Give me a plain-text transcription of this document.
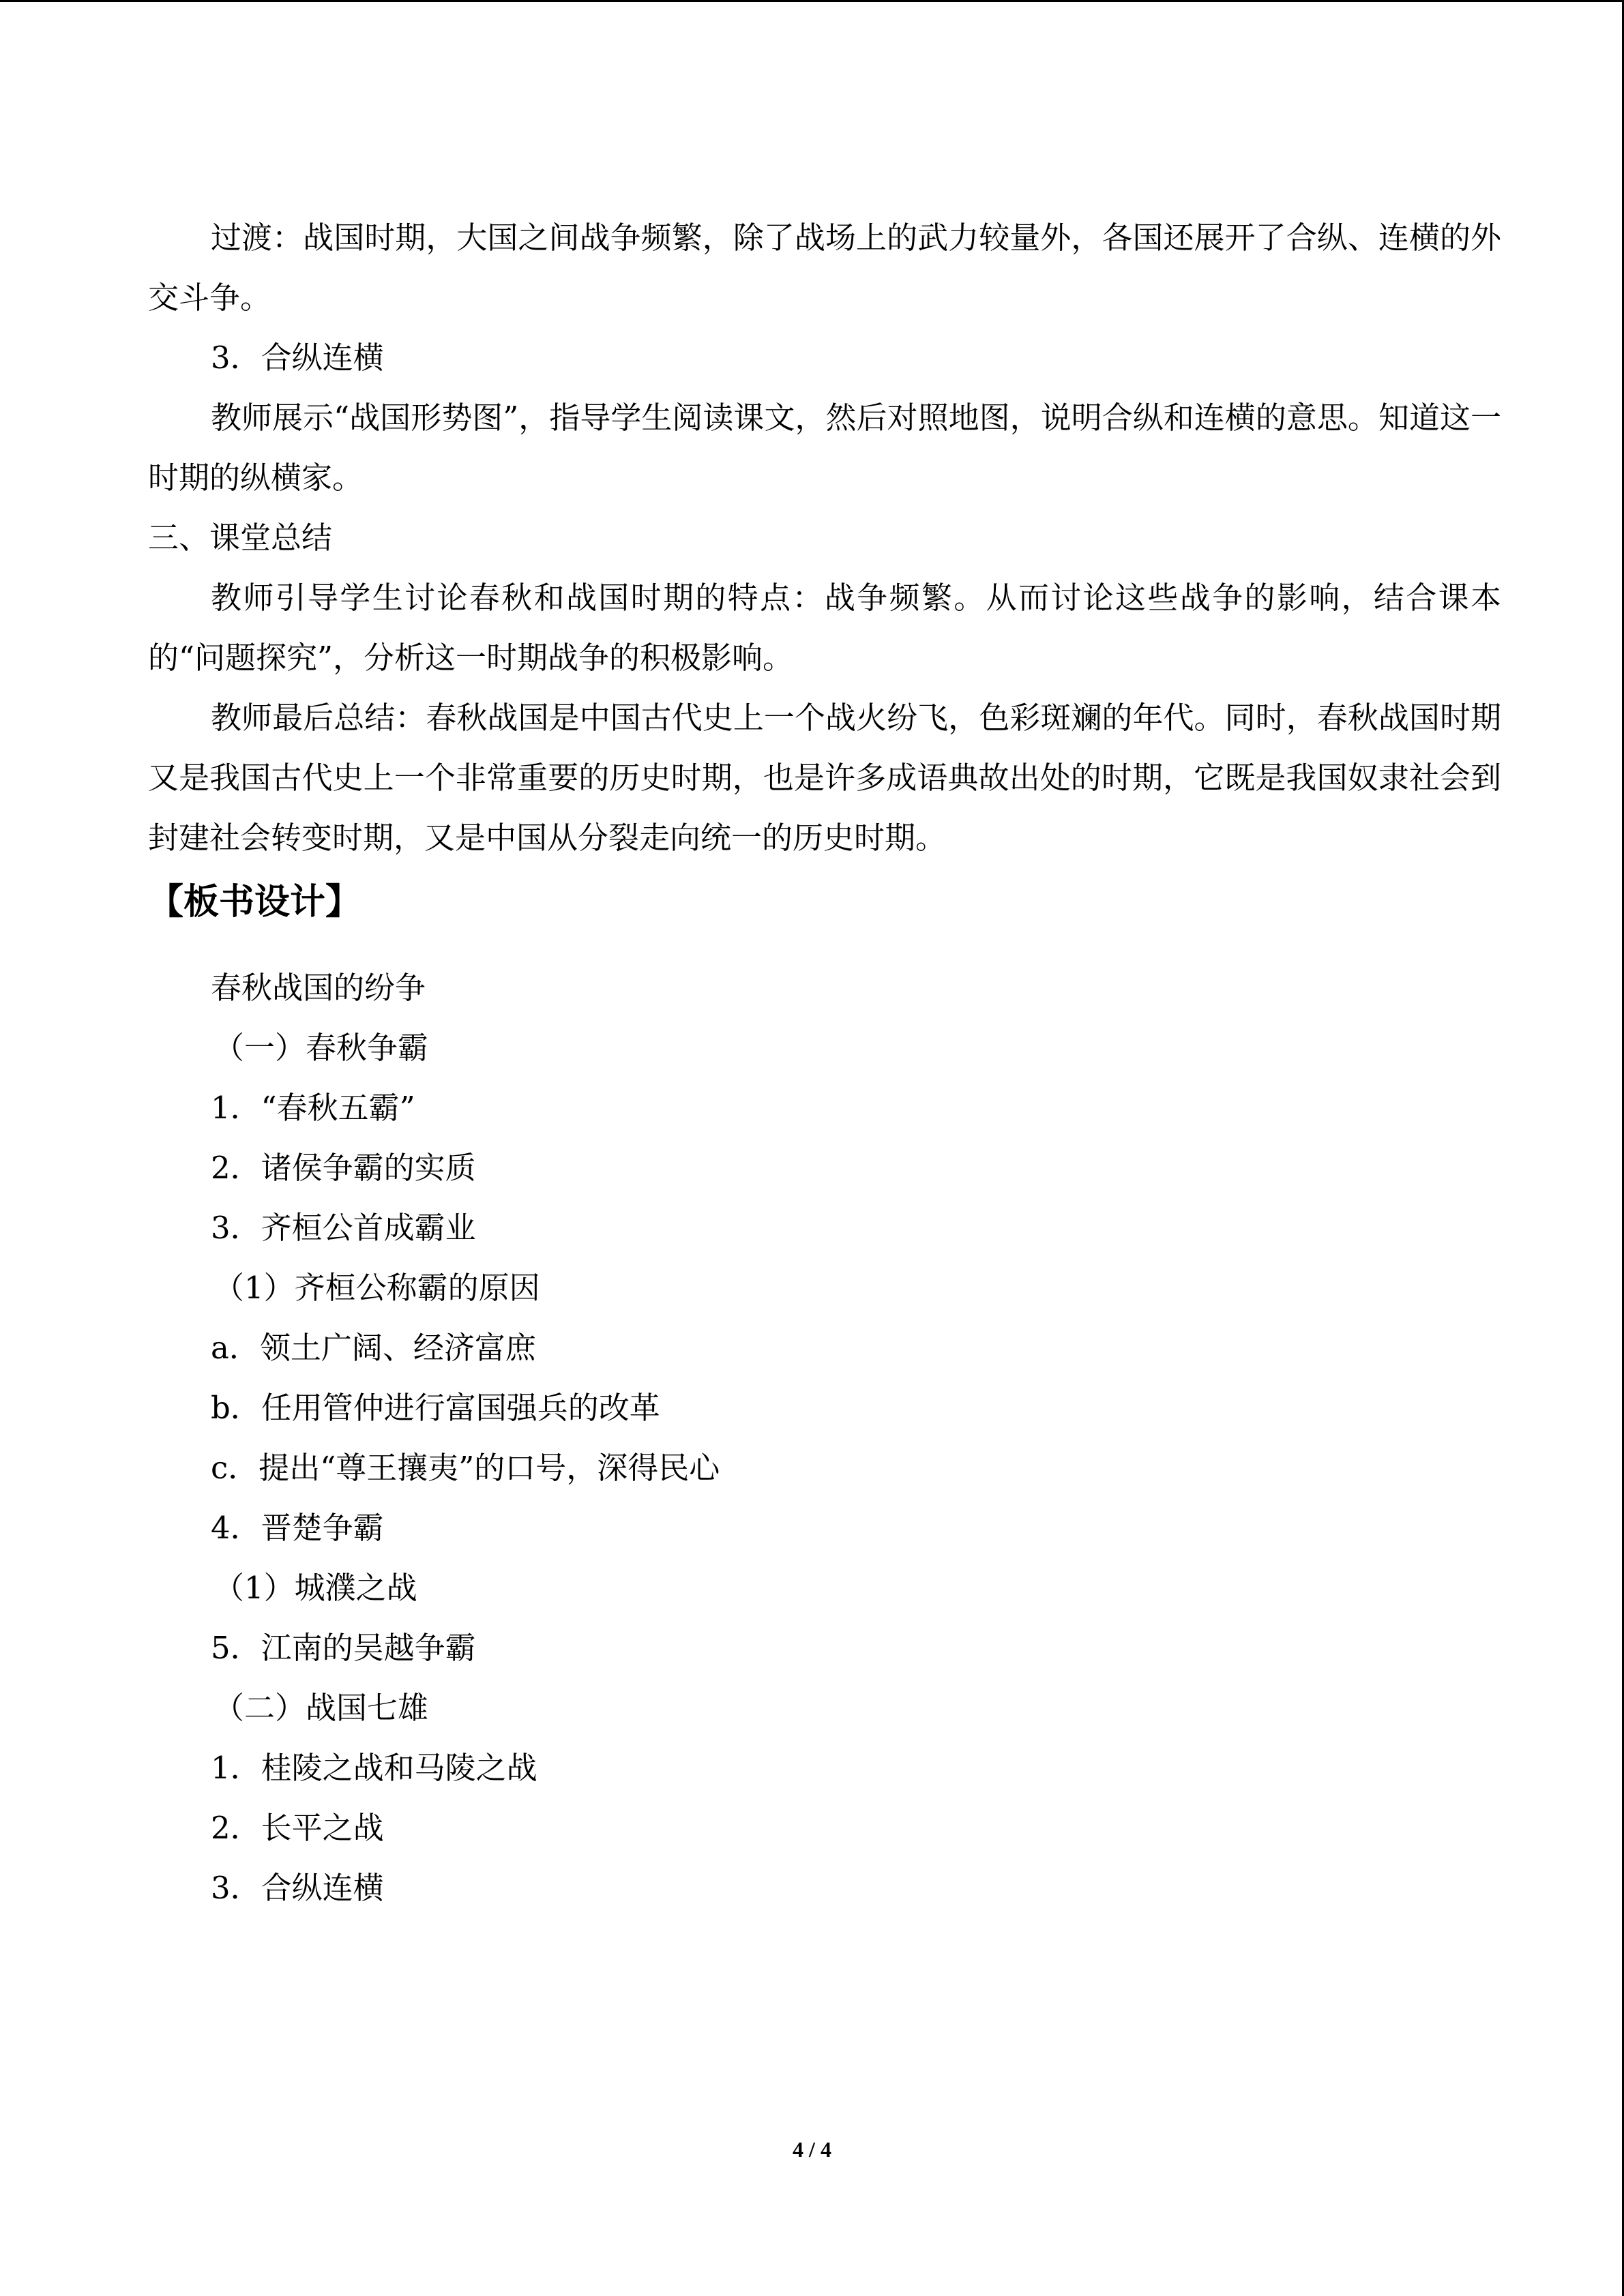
过渡：战国时期，大国之间战争频繁，除了战场上的武力较量外，各国还展开了合纵、连横的外交斗争。

3．合纵连横

教师展示“战国形势图”，指导学生阅读课文，然后对照地图，说明合纵和连横的意思。知道这一时期的纵横家。

三、课堂总结

教师引导学生讨论春秋和战国时期的特点：战争频繁。从而讨论这些战争的影响，结合课本的“问题探究”，分析这一时期战争的积极影响。

教师最后总结：春秋战国是中国古代史上一个战火纷飞，色彩斑斓的年代。同时，春秋战国时期又是我国古代史上一个非常重要的历史时期，也是许多成语典故出处的时期，它既是我国奴隶社会到封建社会转变时期，又是中国从分裂走向统一的历史时期。

【板书设计】

春秋战国的纷争

（一）春秋争霸

1．“春秋五霸”

2．诸侯争霸的实质

3．齐桓公首成霸业

（1）齐桓公称霸的原因

a．领土广阔、经济富庶

b．任用管仲进行富国强兵的改革

c．提出“尊王攘夷”的口号，深得民心

4．晋楚争霸

（1）城濮之战

5．江南的吴越争霸

（二）战国七雄

1．桂陵之战和马陵之战

2．长平之战

3．合纵连横

4 / 4
